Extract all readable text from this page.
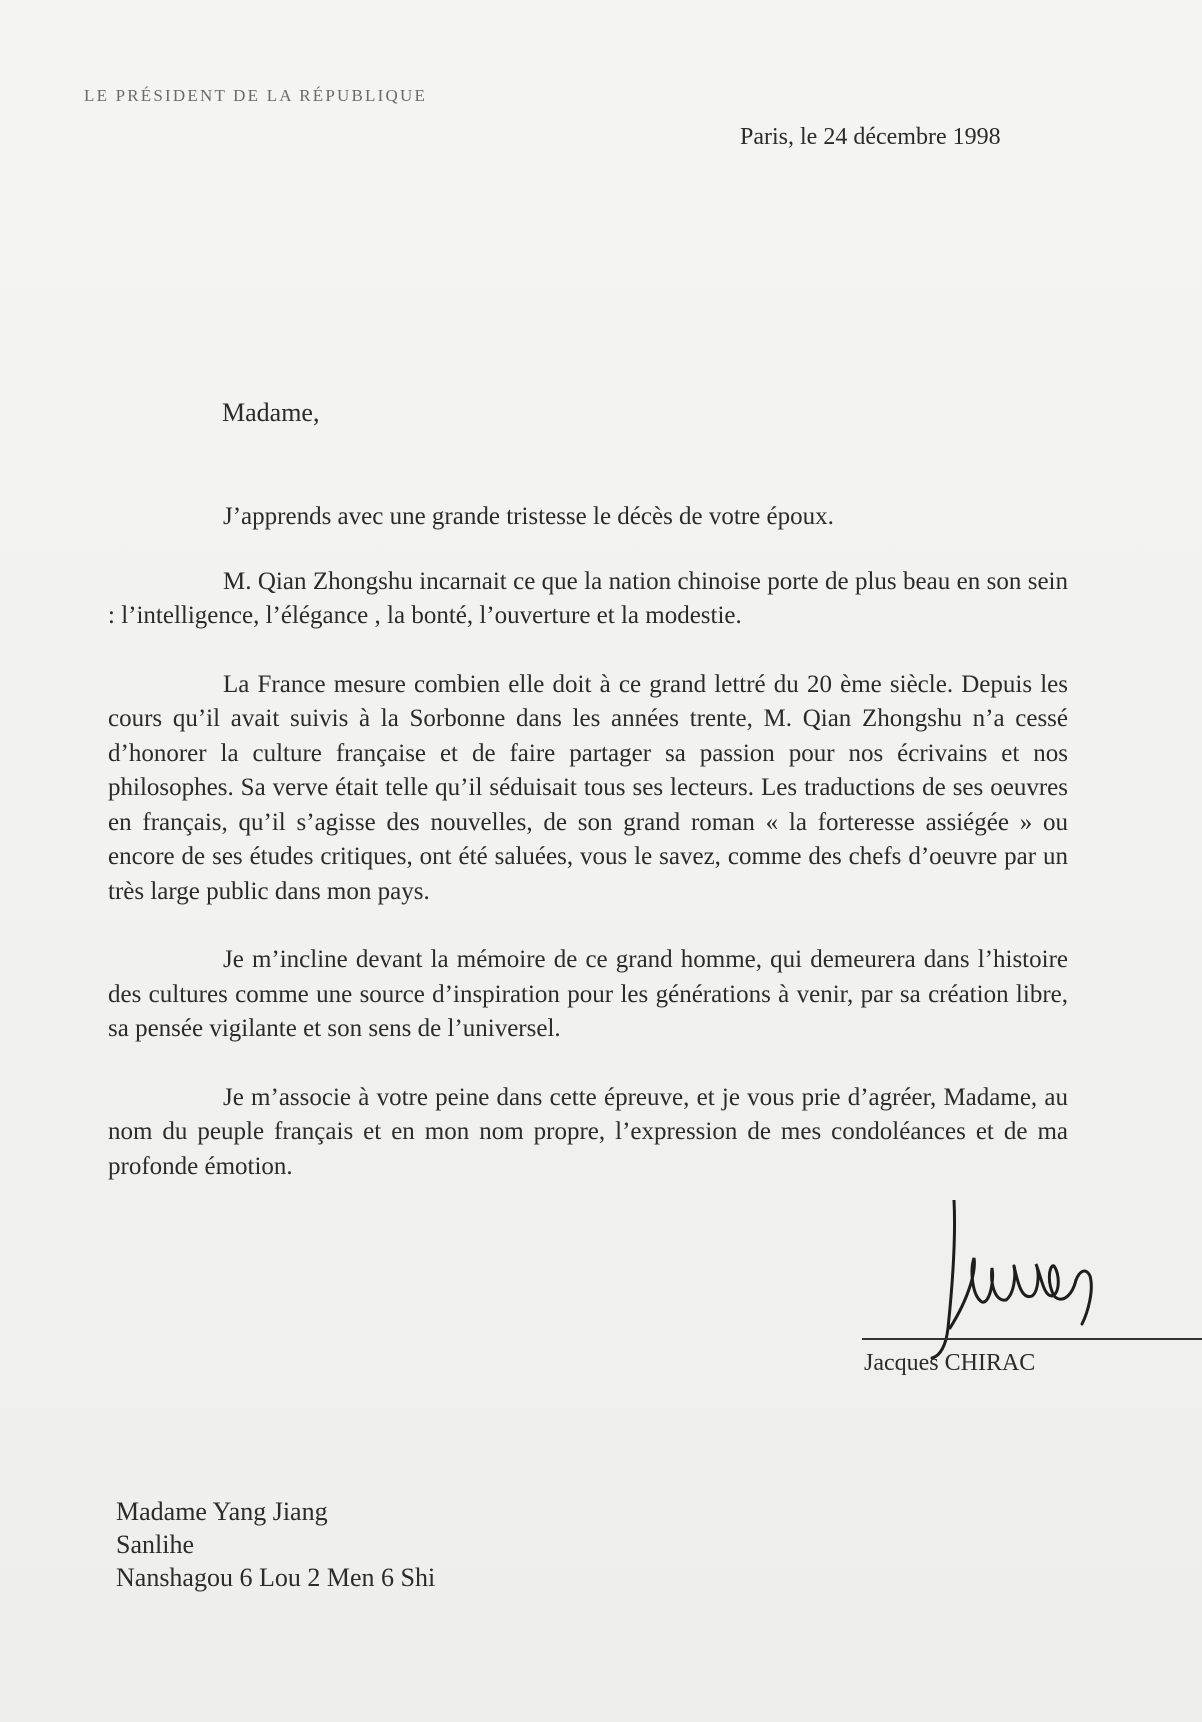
LE PRÉSIDENT DE LA RÉPUBLIQUE
Paris, le 24 décembre 1998
Madame,

J’apprends avec une grande tristesse le décès de votre époux.

M. Qian Zhongshu incarnait ce que la nation chinoise porte de plus beau en son sein : l’intelligence, l’élégance , la bonté, l’ouverture et la modestie.

La France mesure combien elle doit à ce grand lettré du 20 ème siècle. Depuis les cours qu’il avait suivis à la Sorbonne dans les années trente, M. Qian Zhongshu n’a cessé d’honorer la culture française et de faire partager sa passion pour nos écrivains et nos philosophes. Sa verve était telle qu’il séduisait tous ses lecteurs. Les traductions de ses oeuvres en français, qu’il s’agisse des nouvelles, de son grand roman « la forteresse assiégée » ou encore de ses études critiques, ont été saluées, vous le savez, comme des chefs d’oeuvre par un très large public dans mon pays.

Je m’incline devant la mémoire de ce grand homme, qui demeurera dans l’histoire des cultures comme une source d’inspiration pour les générations à venir, par sa création libre, sa pensée vigilante et son sens de l’universel.

Je m’associe à votre peine dans cette épreuve, et je vous prie d’agréer, Madame, au nom du peuple français et en mon nom propre, l’expression de mes condoléances et de ma profonde émotion.

Jacques CHIRAC
Madame Yang Jiang
Sanlihe
Nanshagou 6 Lou 2 Men 6 Shi
